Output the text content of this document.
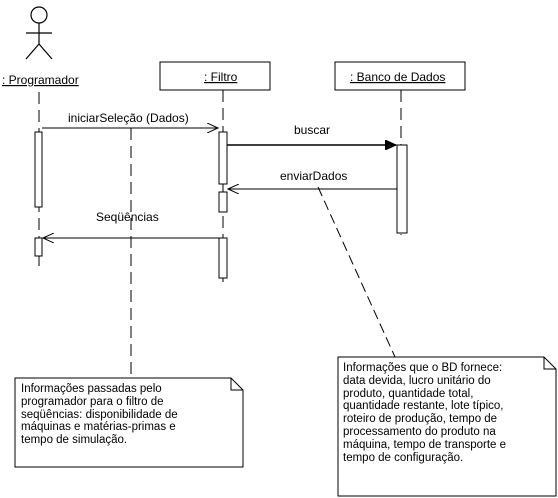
: Programador	: Filtro	: Banco de Dados
iniciarSeleção (Dados)
buscar
enviarDados
Seqüências
Informações passadas pelo
programador para o filtro de
seqüências: disponibilidade de
máquinas e matérias-primas e
tempo de simulação.
Informações que o BD fornece:
data devida, lucro unitário do
produto, quantidade total,
quantidade restante, lote típico,
roteiro de produção, tempo de
processamento do produto na
máquina, tempo de transporte e
tempo de configuração.
